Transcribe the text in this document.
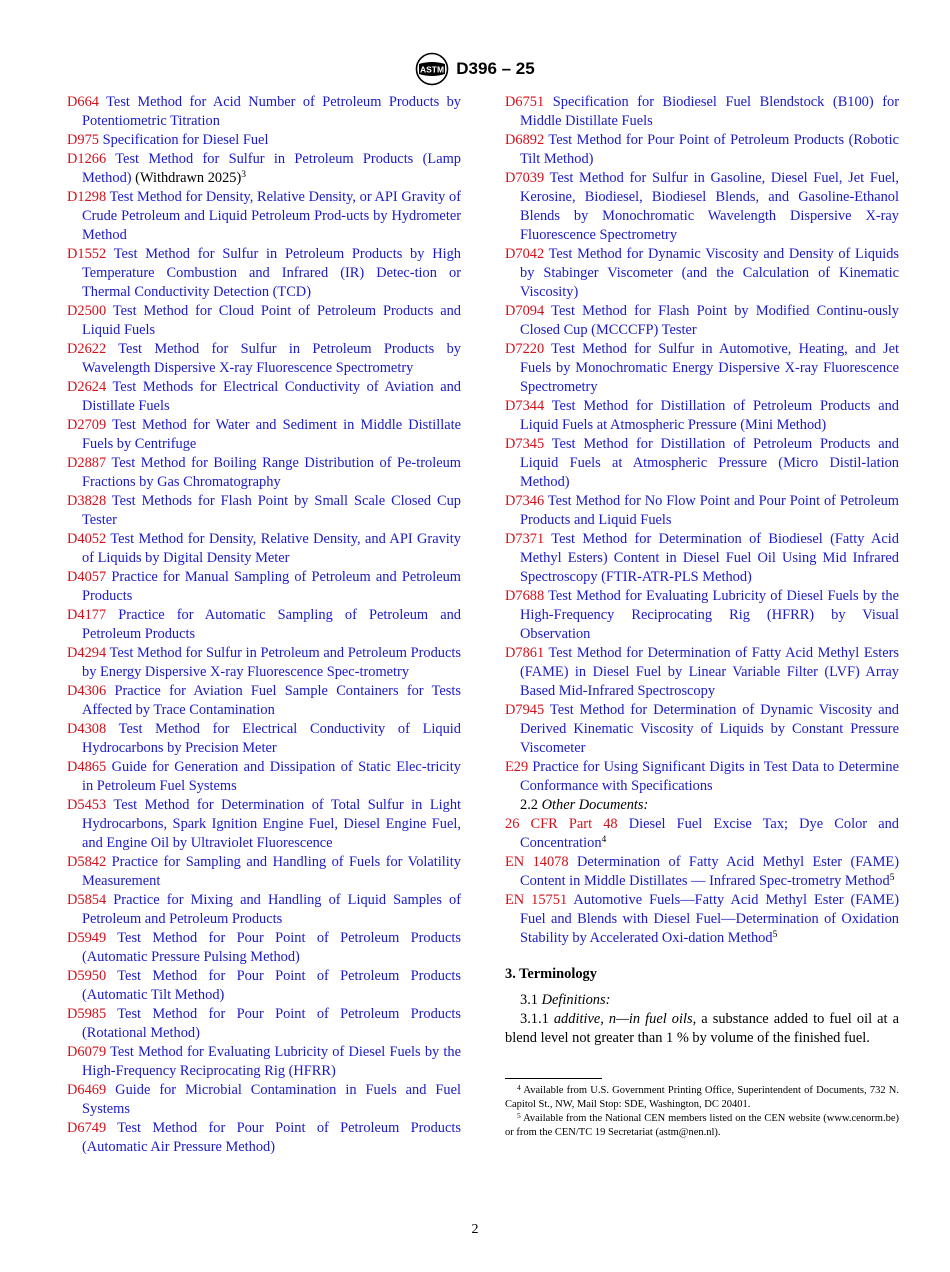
ASTM D396 – 25
D664 Test Method for Acid Number of Petroleum Products by Potentiometric Titration
D975 Specification for Diesel Fuel
D1266 Test Method for Sulfur in Petroleum Products (Lamp Method) (Withdrawn 2025)$^3$
D1298 Test Method for Density, Relative Density, or API Gravity of Crude Petroleum and Liquid Petroleum Prod-ucts by Hydrometer Method
D1552 Test Method for Sulfur in Petroleum Products by High Temperature Combustion and Infrared (IR) Detec-tion or Thermal Conductivity Detection (TCD)
D2500 Test Method for Cloud Point of Petroleum Products and Liquid Fuels
D2622 Test Method for Sulfur in Petroleum Products by Wavelength Dispersive X-ray Fluorescence Spectrometry
D2624 Test Methods for Electrical Conductivity of Aviation and Distillate Fuels
D2709 Test Method for Water and Sediment in Middle Distillate Fuels by Centrifuge
D2887 Test Method for Boiling Range Distribution of Pe-troleum Fractions by Gas Chromatography
D3828 Test Methods for Flash Point by Small Scale Closed Cup Tester
D4052 Test Method for Density, Relative Density, and API Gravity of Liquids by Digital Density Meter
D4057 Practice for Manual Sampling of Petroleum and Petroleum Products
D4177 Practice for Automatic Sampling of Petroleum and Petroleum Products
D4294 Test Method for Sulfur in Petroleum and Petroleum Products by Energy Dispersive X-ray Fluorescence Spec-trometry
D4306 Practice for Aviation Fuel Sample Containers for Tests Affected by Trace Contamination
D4308 Test Method for Electrical Conductivity of Liquid Hydrocarbons by Precision Meter
D4865 Guide for Generation and Dissipation of Static Elec-tricity in Petroleum Fuel Systems
D5453 Test Method for Determination of Total Sulfur in Light Hydrocarbons, Spark Ignition Engine Fuel, Diesel Engine Fuel, and Engine Oil by Ultraviolet Fluorescence
D5842 Practice for Sampling and Handling of Fuels for Volatility Measurement
D5854 Practice for Mixing and Handling of Liquid Samples of Petroleum and Petroleum Products
D5949 Test Method for Pour Point of Petroleum Products (Automatic Pressure Pulsing Method)
D5950 Test Method for Pour Point of Petroleum Products (Automatic Tilt Method)
D5985 Test Method for Pour Point of Petroleum Products (Rotational Method)
D6079 Test Method for Evaluating Lubricity of Diesel Fuels by the High-Frequency Reciprocating Rig (HFRR)
D6469 Guide for Microbial Contamination in Fuels and Fuel Systems
D6749 Test Method for Pour Point of Petroleum Products (Automatic Air Pressure Method)
D6751 Specification for Biodiesel Fuel Blendstock (B100) for Middle Distillate Fuels
D6892 Test Method for Pour Point of Petroleum Products (Robotic Tilt Method)
D7039 Test Method for Sulfur in Gasoline, Diesel Fuel, Jet Fuel, Kerosine, Biodiesel, Biodiesel Blends, and Gasoline-Ethanol Blends by Monochromatic Wavelength Dispersive X-ray Fluorescence Spectrometry
D7042 Test Method for Dynamic Viscosity and Density of Liquids by Stabinger Viscometer (and the Calculation of Kinematic Viscosity)
D7094 Test Method for Flash Point by Modified Continu-ously Closed Cup (MCCCFP) Tester
D7220 Test Method for Sulfur in Automotive, Heating, and Jet Fuels by Monochromatic Energy Dispersive X-ray Fluorescence Spectrometry
D7344 Test Method for Distillation of Petroleum Products and Liquid Fuels at Atmospheric Pressure (Mini Method)
D7345 Test Method for Distillation of Petroleum Products and Liquid Fuels at Atmospheric Pressure (Micro Distil-lation Method)
D7346 Test Method for No Flow Point and Pour Point of Petroleum Products and Liquid Fuels
D7371 Test Method for Determination of Biodiesel (Fatty Acid Methyl Esters) Content in Diesel Fuel Oil Using Mid Infrared Spectroscopy (FTIR-ATR-PLS Method)
D7688 Test Method for Evaluating Lubricity of Diesel Fuels by the High-Frequency Reciprocating Rig (HFRR) by Visual Observation
D7861 Test Method for Determination of Fatty Acid Methyl Esters (FAME) in Diesel Fuel by Linear Variable Filter (LVF) Array Based Mid-Infrared Spectroscopy
D7945 Test Method for Determination of Dynamic Viscosity and Derived Kinematic Viscosity of Liquids by Constant Pressure Viscometer
E29 Practice for Using Significant Digits in Test Data to Determine Conformance with Specifications
2.2 Other Documents:
26 CFR Part 48 Diesel Fuel Excise Tax; Dye Color and Concentration$^4$
EN 14078 Determination of Fatty Acid Methyl Ester (FAME) Content in Middle Distillates — Infrared Spec-trometry Method$^5$
EN 15751 Automotive Fuels—Fatty Acid Methyl Ester (FAME) Fuel and Blends with Diesel Fuel—Determination of Oxidation Stability by Accelerated Oxi-dation Method$^5$
3. Terminology
3.1 Definitions:
3.1.1 additive, n—in fuel oils, a substance added to fuel oil at a blend level not greater than 1 % by volume of the finished fuel.
$^4$ Available from U.S. Government Printing Office, Superintendent of Documents, 732 N. Capitol St., NW, Mail Stop: SDE, Washington, DC 20401.
$^5$ Available from the National CEN members listed on the CEN website (www.cenorm.be) or from the CEN/TC 19 Secretariat (astm@nen.nl).
2
